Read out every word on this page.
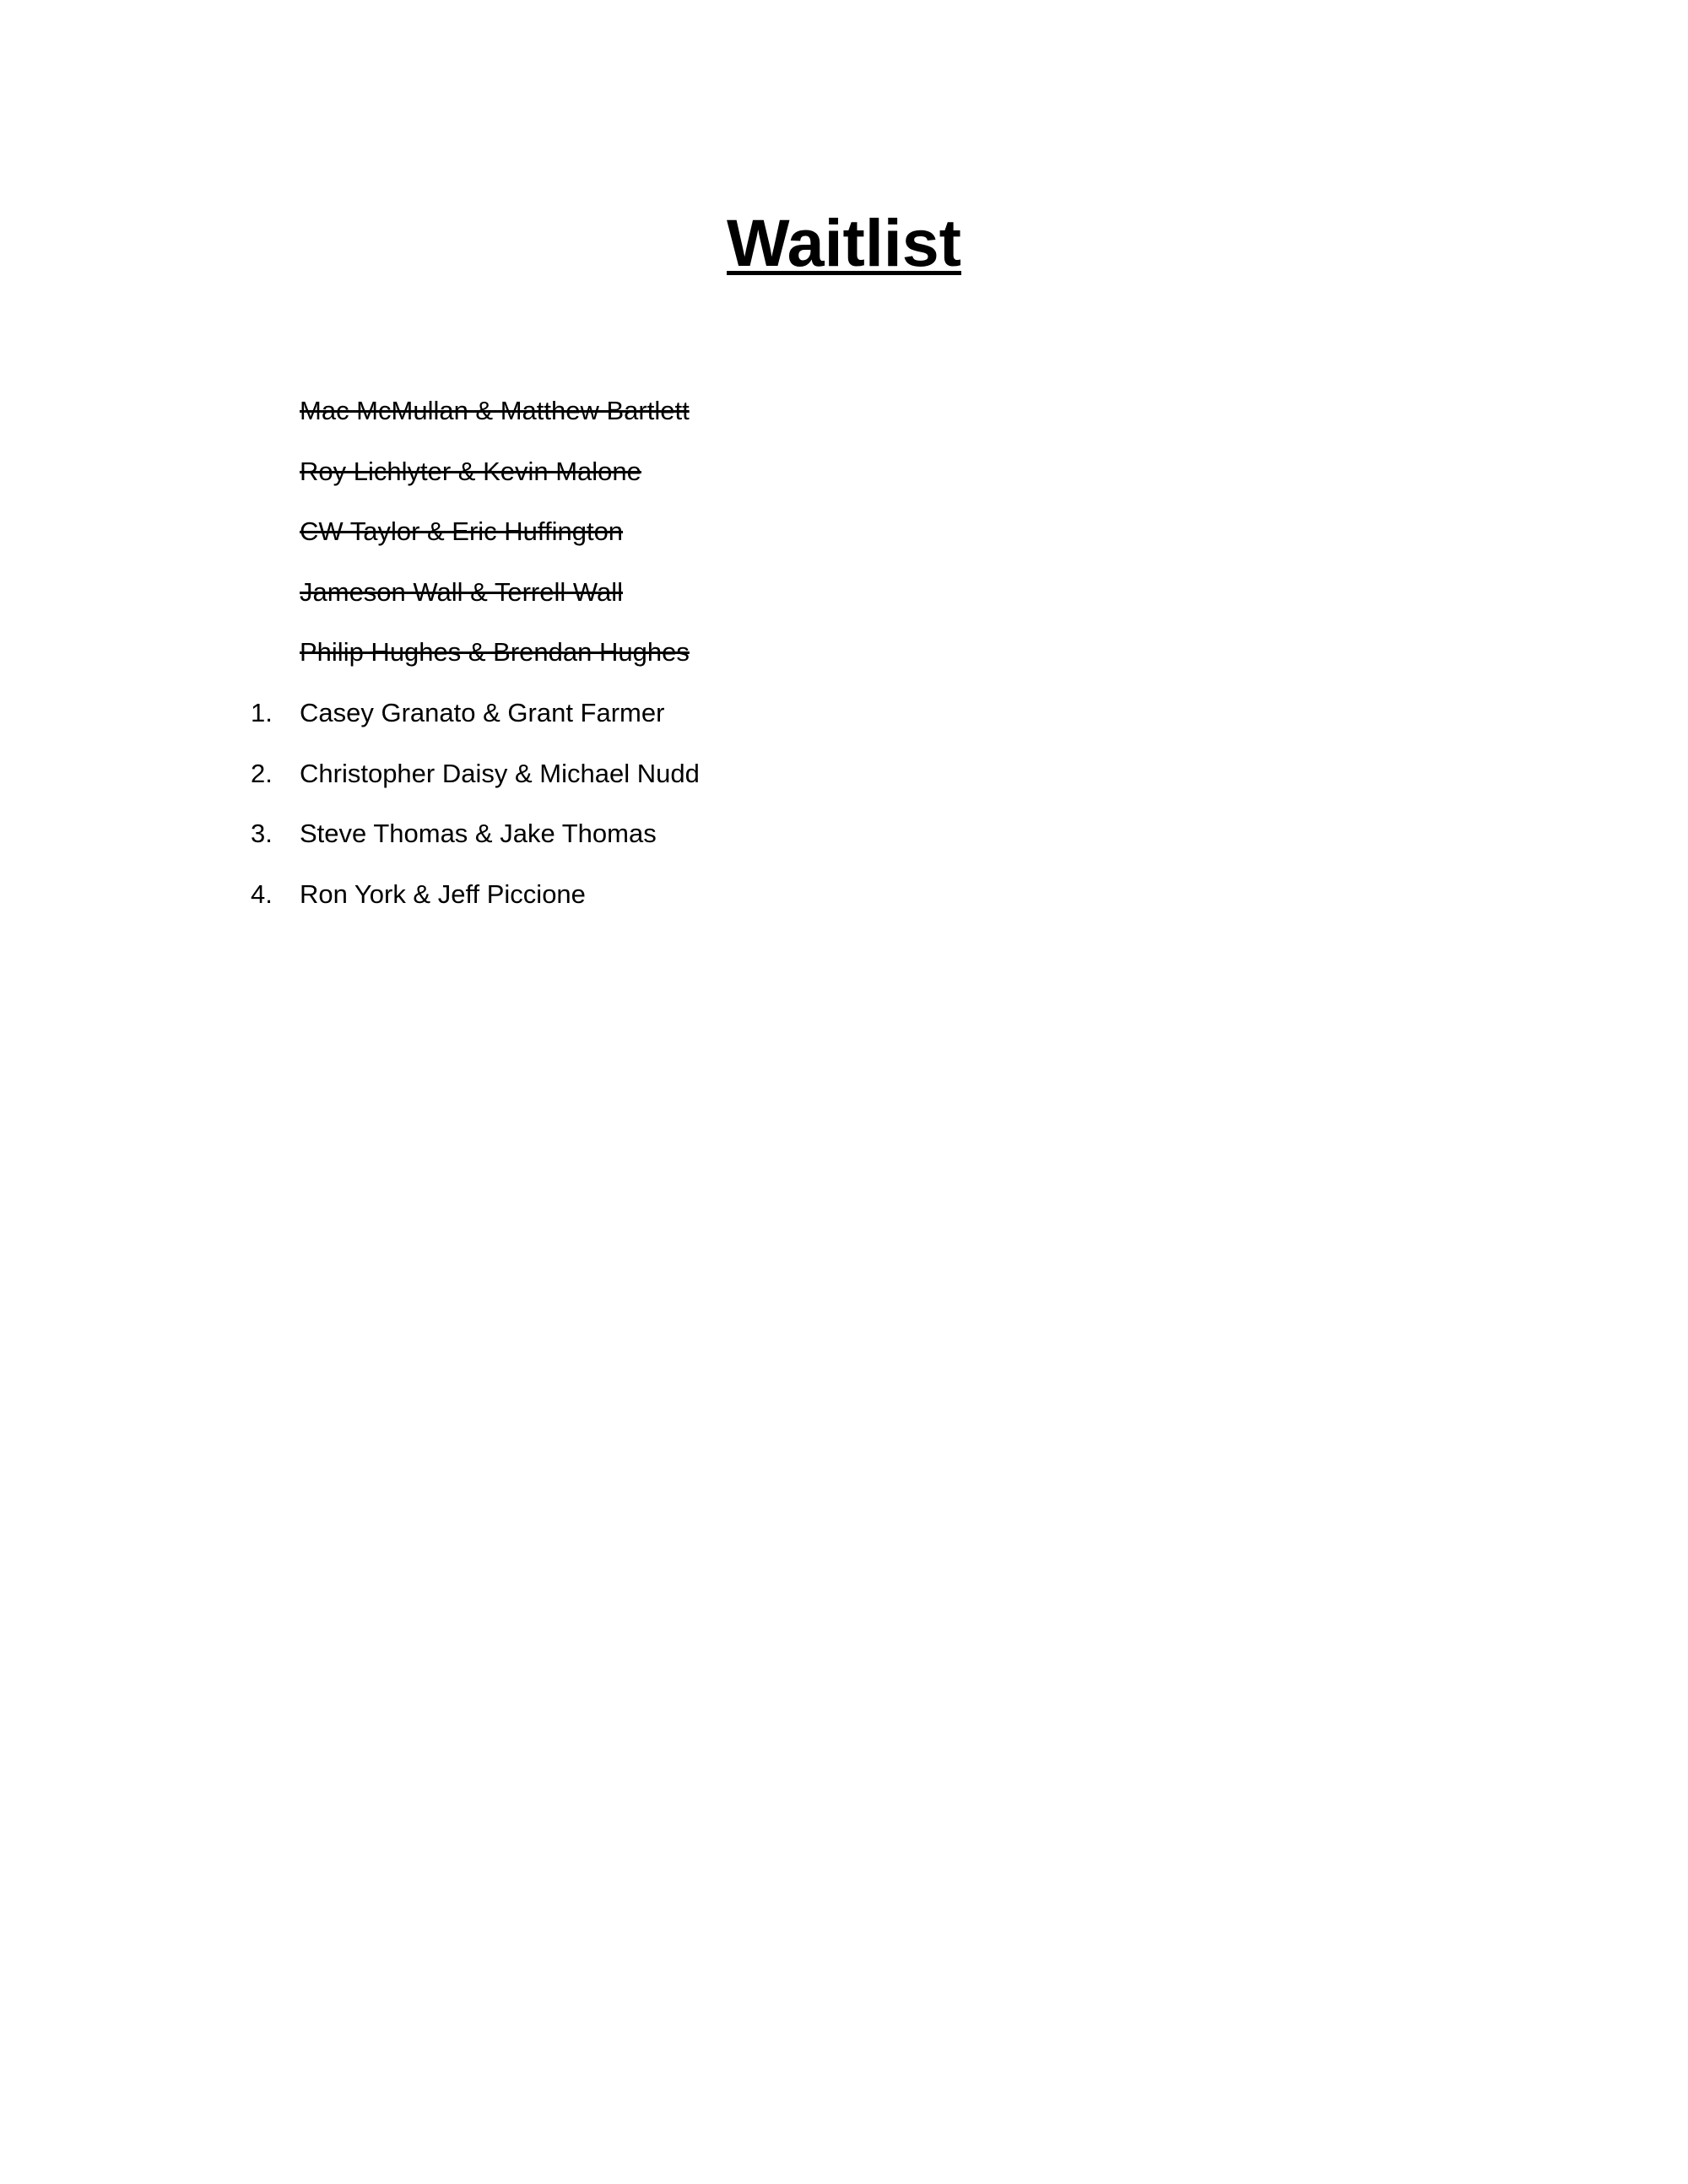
Waitlist
Mac McMullan & Matthew Bartlett
Roy Lichlyter & Kevin Malone
CW Taylor & Eric Huffington
Jameson Wall & Terrell Wall
Philip Hughes & Brendan Hughes
1.	Casey Granato & Grant Farmer
2.	Christopher Daisy & Michael Nudd
3.	Steve Thomas & Jake Thomas
4.	Ron York & Jeff Piccione
